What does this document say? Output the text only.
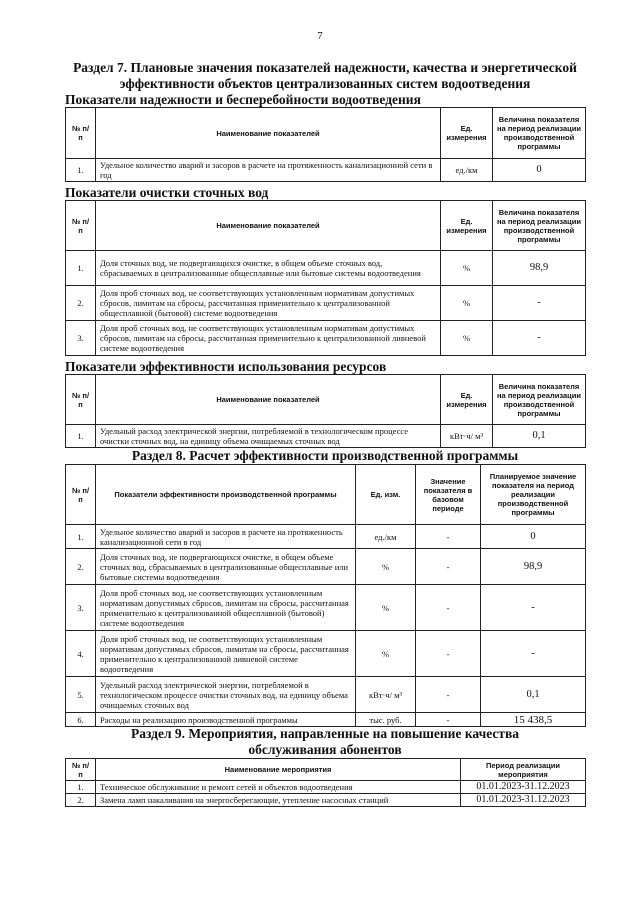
7
Раздел 7. Плановые значения показателей надежности, качества и энергетической эффективности объектов централизованных систем водоотведения
Показатели надежности и бесперебойности водоотведения
№ п/п	Наименование показателей	Ед. измерения	Величина показателя на период реализации производственной программы
1.	Удельное количество аварий и засоров в расчете на протяженность канализационной сети в год	ед./км	0
Показатели очистки сточных вод
№ п/п	Наименование показателей	Ед. измерения	Величина показателя на период реализации производственной программы
1.	Доля сточных вод, не подвергающихся очистке, в общем объеме сточных вод, сбрасываемых в централизованные общесплавные или бытовые системы водоотведения	%	98,9
2.	Доля проб сточных вод, не соответствующих установленным нормативам допустимых сбросов, лимитам на сбросы, рассчитанная применительно к централизованной общесплавной (бытовой) системе водоотведения	%	-
3.	Доля проб сточных вод, не соответствующих установленным нормативам допустимых сбросов, лимитам на сбросы, рассчитанная применительно к централизованной ливневой системе водоотведения	%	-
Показатели эффективности использования ресурсов
№ п/п	Наименование показателей	Ед. измерения	Величина показателя на период реализации производственной программы
1.	Удельный расход электрической энергии, потребляемой в технологическом процессе очистки сточных вод, на единицу объема очищаемых сточных вод	кВт·ч/ м³	0,1
Раздел 8. Расчет эффективности производственной программы
№ п/п	Показатели эффективности производственной программы	Ед. изм.	Значение показателя в базовом периоде	Планируемое значение показателя на период реализации производственной программы
1.	Удельное количество аварий и засоров в расчете на протяженность канализационной сети в год	ед./км	-	0
2.	Доля сточных вод, не подвергающихся очистке, в общем объеме сточных вод, сбрасываемых в централизованные общесплавные или бытовые системы водоотведения	%	-	98,9
3.	Доля проб сточных вод, не соответствующих установленным нормативам допустимых сбросов, лимитам на сбросы, рассчитанная применительно к централизованной общесплавной (бытовой) системе водоотведения	%	-	-
4.	Доля проб сточных вод, не соответствующих установленным нормативам допустимых сбросов, лимитам на сбросы, рассчитанная применительно к централизованной ливневой системе водоотведения	%	-	-
5.	Удельный расход электрической энергии, потребляемой в технологическом процессе очистки сточных вод, на единицу объема очищаемых сточных вод	кВт·ч/ м³	-	0,1
6.	Расходы на реализацию производственной программы	тыс. руб.	-	15 438,5
Раздел 9. Мероприятия, направленные на повышение качества обслуживания абонентов
№ п/п	Наименование мероприятия	Период реализации мероприятия
1.	Техническое обслуживание и ремонт сетей и объектов водоотведения	01.01.2023-31.12.2023
2.	Замена ламп накаливания на энергосберегающие, утепление насосных станций	01.01.2023-31.12.2023
